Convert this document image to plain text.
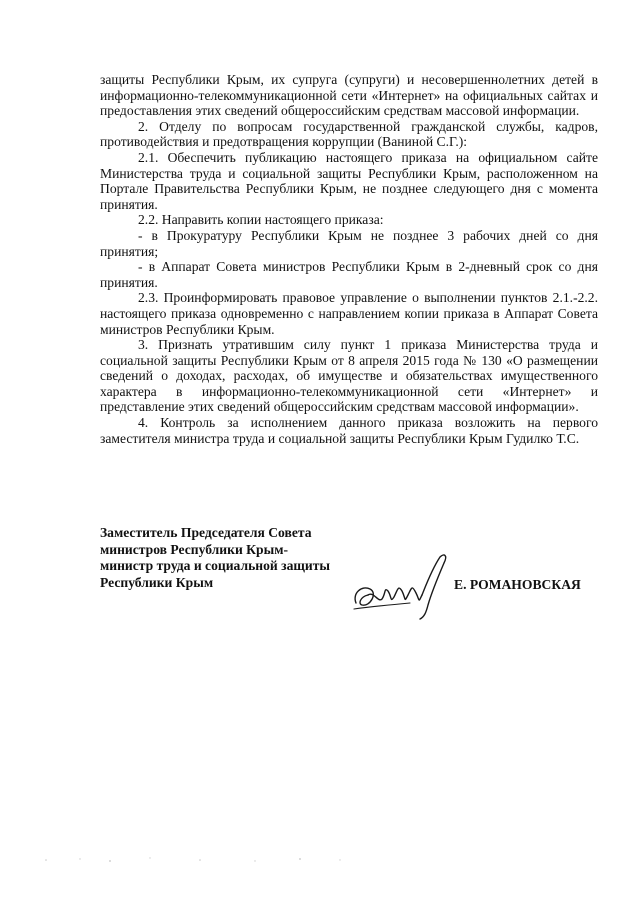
защиты Республики Крым, их супруга (супруги) и несовершеннолетних детей в информационно-телекоммуникационной сети «Интернет» на официальных сайтах и предоставления этих сведений общероссийским средствам массовой информации.

2. Отделу по вопросам государственной гражданской службы, кадров, противодействия и предотвращения коррупции (Ваниной С.Г.):

2.1. Обеспечить публикацию настоящего приказа на официальном сайте Министерства труда и социальной защиты Республики Крым, расположенном на Портале Правительства Республики Крым, не позднее следующего дня с момента принятия.

2.2. Направить копии настоящего приказа:

- в Прокуратуру Республики Крым не позднее 3 рабочих дней со дня принятия;

- в Аппарат Совета министров Республики Крым в 2-дневный срок со дня принятия.

2.3. Проинформировать правовое управление о выполнении пунктов 2.1.-2.2. настоящего приказа одновременно с направлением копии приказа в Аппарат Совета министров Республики Крым.

3. Признать утратившим силу пункт 1 приказа Министерства труда и социальной защиты Республики Крым от 8 апреля 2015 года № 130 «О размещении сведений о доходах, расходах, об имуществе и обязательствах имущественного характера в информационно-телекоммуникационной сети «Интернет» и представление этих сведений общероссийским средствам массовой информации».

4. Контроль за исполнением данного приказа возложить на первого заместителя министра труда и социальной защиты Республики Крым Гудилко Т.С.

Заместитель Председателя Совета
министров Республики Крым-
министр труда и социальной защиты
Республики Крым	Е. РОМАНОВСКАЯ
